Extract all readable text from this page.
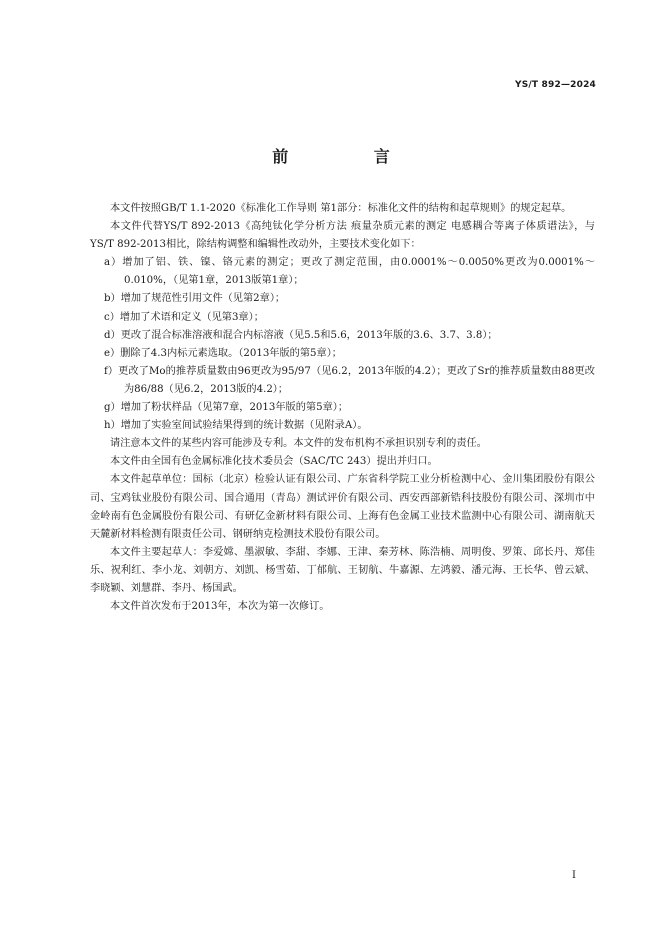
YS/T 892—2024
前 言

本文件按照GB/T 1.1-2020《标准化工作导则 第1部分：标准化文件的结构和起草规则》的规定起草。

本文件代替YS/T 892-2013《高纯钛化学分析方法 痕量杂质元素的测定 电感耦合等离子体质谱法》，与YS/T 892-2013相比，除结构调整和编辑性改动外，主要技术变化如下：

a）增加了铝、铁、镍、铬元素的测定；更改了测定范围，由0.0001%～0.0050%更改为0.0001%～0.010%，（见第1章，2013版第1章）；

b）增加了规范性引用文件（见第2章）；

c）增加了术语和定义（见第3章）；

d）更改了混合标准溶液和混合内标溶液（见5.5和5.6，2013年版的3.6、3.7、3.8）；

e）删除了4.3内标元素选取。（2013年版的第5章）；

f）更改了Mo的推荐质量数由96更改为95/97（见6.2，2013年版的4.2）；更改了Sr的推荐质量数由88更改为86/88（见6.2，2013版的4.2）；

g）增加了粉状样品（见第7章，2013年版的第5章）；

h）增加了实验室间试验结果得到的统计数据（见附录A）。

请注意本文件的某些内容可能涉及专利。本文件的发布机构不承担识别专利的责任。

本文件由全国有色金属标准化技术委员会（SAC/TC 243）提出并归口。

本文件起草单位：国标（北京）检验认证有限公司、广东省科学院工业分析检测中心、金川集团股份有限公司、宝鸡钛业股份有限公司、国合通用（青岛）测试评价有限公司、西安西部新锆科技股份有限公司、深圳市中金岭南有色金属股份有限公司、有研亿金新材料有限公司、上海有色金属工业技术监测中心有限公司、湖南航天天麓新材料检测有限责任公司、钢研纳克检测技术股份有限公司。

本文件主要起草人：李爱嫦、墨淑敏、李甜、李娜、王津、秦芳林、陈浩楠、周明俊、罗策、邱长丹、郑佳乐、祝利红、李小龙、刘朝方、刘凯、杨雪茹、丁郁航、王韧航、牛嘉源、左鸿毅、潘元海、王长华、曾云斌、李晓颖、刘慧群、李丹、杨国武。

本文件首次发布于2013年，本次为第一次修订。

I
